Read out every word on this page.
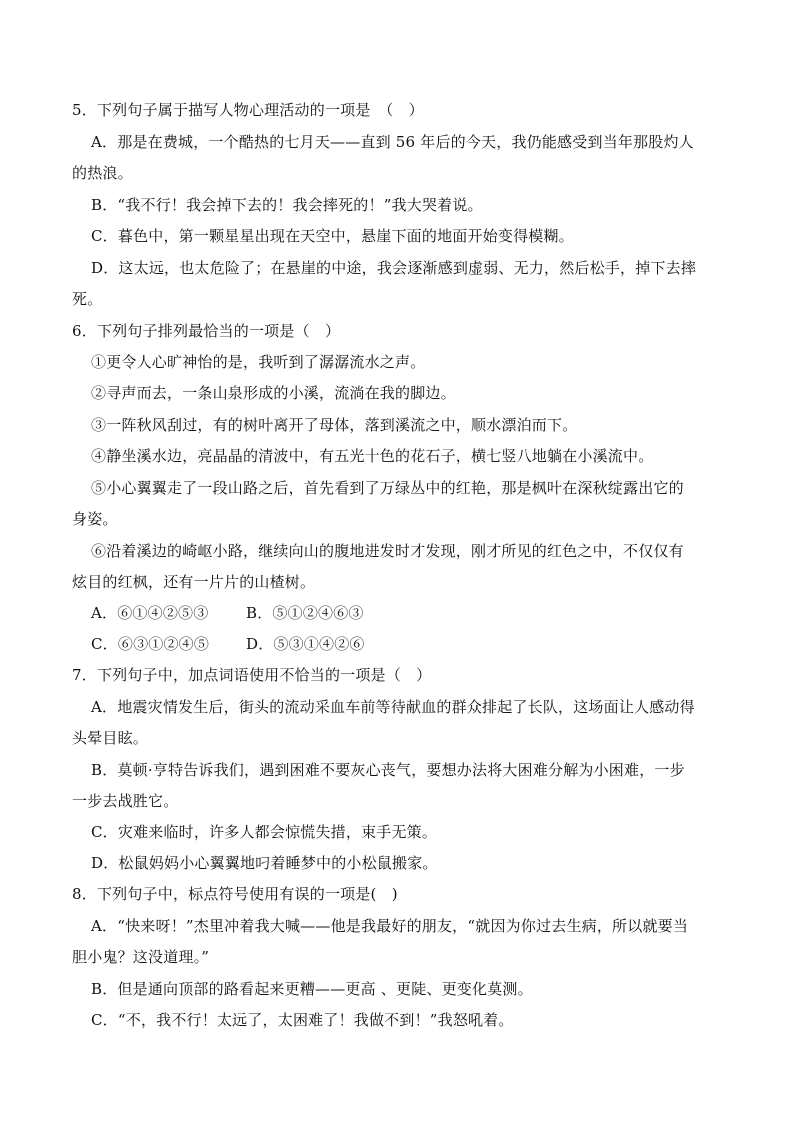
5．下列句子属于描写人物心理活动的一项是　（　）
A．那是在费城，一个酷热的七月天——直到 56 年后的今天，我仍能感受到当年那股灼人
的热浪。
B．“我不行！我会掉下去的！我会摔死的！”我大哭着说。
C．暮色中，第一颗星星出现在天空中，悬崖下面的地面开始变得模糊。
D．这太远，也太危险了；在悬崖的中途，我会逐渐感到虚弱、无力，然后松手，掉下去摔
死。
6．下列句子排列最恰当的一项是（　）
①更令人心旷神怡的是，我听到了潺潺流水之声。
②寻声而去，一条山泉形成的小溪，流淌在我的脚边。
③一阵秋风刮过，有的树叶离开了母体，落到溪流之中，顺水漂泊而下。
④静坐溪水边，亮晶晶的清波中，有五光十色的花石子，横七竖八地躺在小溪流中。
⑤小心翼翼走了一段山路之后，首先看到了万绿丛中的红艳，那是枫叶在深秋绽露出它的
身姿。
⑥沿着溪边的崎岖小路，继续向山的腹地进发时才发现，刚才所见的红色之中，不仅仅有
炫目的红枫，还有一片片的山楂树。
A．⑥①④②⑤③	B．⑤①②④⑥③
C．⑥③①②④⑤ D．⑤③①④②⑥
7．下列句子中，加点词语使用不恰当的一项是（　）
A．地震灾情发生后，街头的流动采血车前等待献血的群众排起了长队，这场面让人感动得
头晕目眩。
B．莫顿·亨特告诉我们，遇到困难不要灰心丧气，要想办法将大困难分解为小困难，一步
一步去战胜它。
C．灾难来临时，许多人都会惊慌失措，束手无策。
D．松鼠妈妈小心翼翼地叼着睡梦中的小松鼠搬家。
8．下列句子中，标点符号使用有误的一项是(　)
A．“快来呀！”杰里冲着我大喊——他是我最好的朋友，“就因为你过去生病，所以就要当
胆小鬼？这没道理。”
B．但是通向顶部的路看起来更糟——更高 、更陡、更变化莫测。
C．“不，我不行！太远了，太困难了！我做不到！”我怒吼着。
